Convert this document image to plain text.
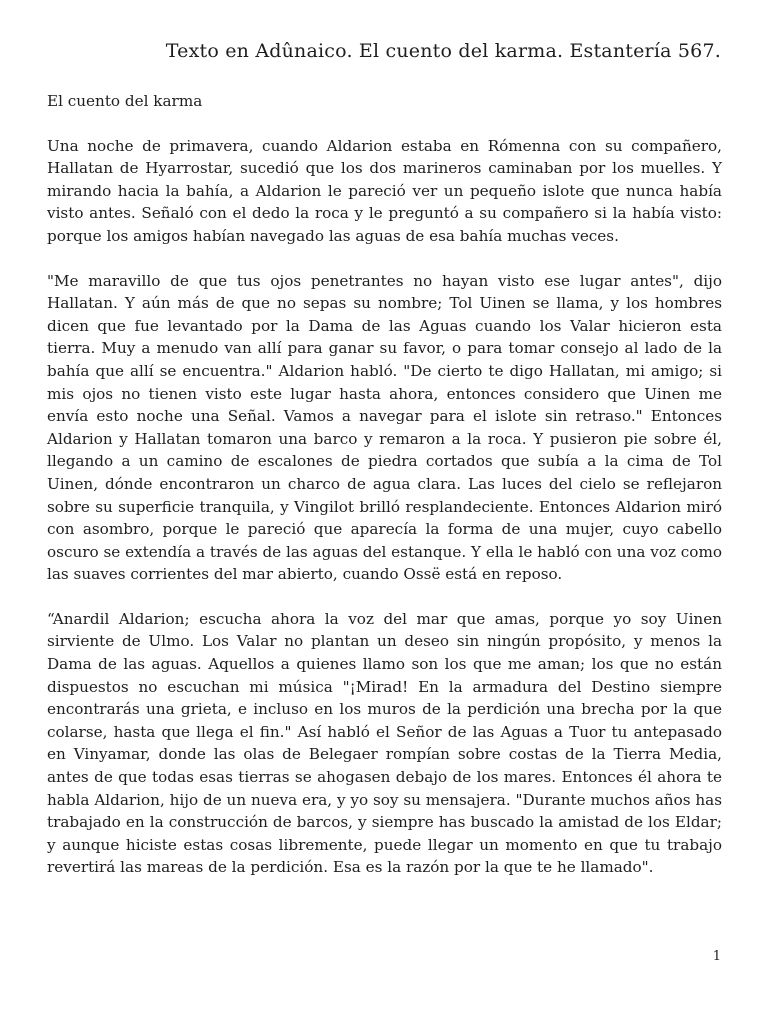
Texto en Adûnaico. El cuento del karma. Estantería 567.

El cuento del karma

Una noche de primavera, cuando Aldarion estaba en Rómenna con su compañero, Hallatan de Hyarrostar, sucedió que los dos marineros caminaban por los muelles. Y mirando hacia la bahía, a Aldarion le pareció ver un pequeño islote que nunca había visto antes. Señaló con el dedo la roca y le preguntó a su compañero si la había visto: porque los amigos habían navegado las aguas de esa bahía muchas veces.

"Me maravillo de que tus ojos penetrantes no hayan visto ese lugar antes", dijo Hallatan. Y aún más de que no sepas su nombre; Tol Uinen se llama, y los hombres dicen que fue levantado por la Dama de las Aguas cuando los Valar hicieron esta tierra. Muy a menudo van allí para ganar su favor, o para tomar consejo al lado de la bahía que allí se encuentra." Aldarion habló. "De cierto te digo Hallatan, mi amigo; si mis ojos no tienen visto este lugar hasta ahora, entonces considero que Uinen me envía esto noche una Señal. Vamos a navegar para el islote sin retraso." Entonces Aldarion y Hallatan tomaron una barco y remaron a la roca. Y pusieron pie sobre él, llegando a un camino de escalones de piedra cortados que subía a la cima de Tol Uinen, dónde encontraron un charco de agua clara. Las luces del cielo se reflejaron sobre su superficie tranquila, y Vingilot brilló resplandeciente. Entonces Aldarion miró con asombro, porque le pareció que aparecía la forma de una mujer, cuyo cabello oscuro se extendía a través de las aguas del estanque. Y ella le habló con una voz como las suaves corrientes del mar abierto, cuando Ossë está en reposo.

“Anardil Aldarion; escucha ahora la voz del mar que amas, porque yo soy Uinen sirviente de Ulmo. Los Valar no plantan un deseo sin ningún propósito, y menos la Dama de las aguas. Aquellos a quienes llamo son los que me aman; los que no están dispuestos no escuchan mi música "¡Mirad! En la armadura del Destino siempre encontrarás una grieta, e incluso en los muros de la perdición una brecha por la que colarse, hasta que llega el fin." Así habló el Señor de las Aguas a Tuor tu antepasado en Vinyamar, donde las olas de Belegaer rompían sobre costas de la Tierra Media, antes de que todas esas tierras se ahogasen debajo de los mares. Entonces él ahora te habla Aldarion, hijo de un nueva era, y yo soy su mensajera. "Durante muchos años has trabajado en la construcción de barcos, y siempre has buscado la amistad de los Eldar; y aunque hiciste estas cosas libremente, puede llegar un momento en que tu trabajo revertirá las mareas de la perdición. Esa es la razón por la que te he llamado".

1
